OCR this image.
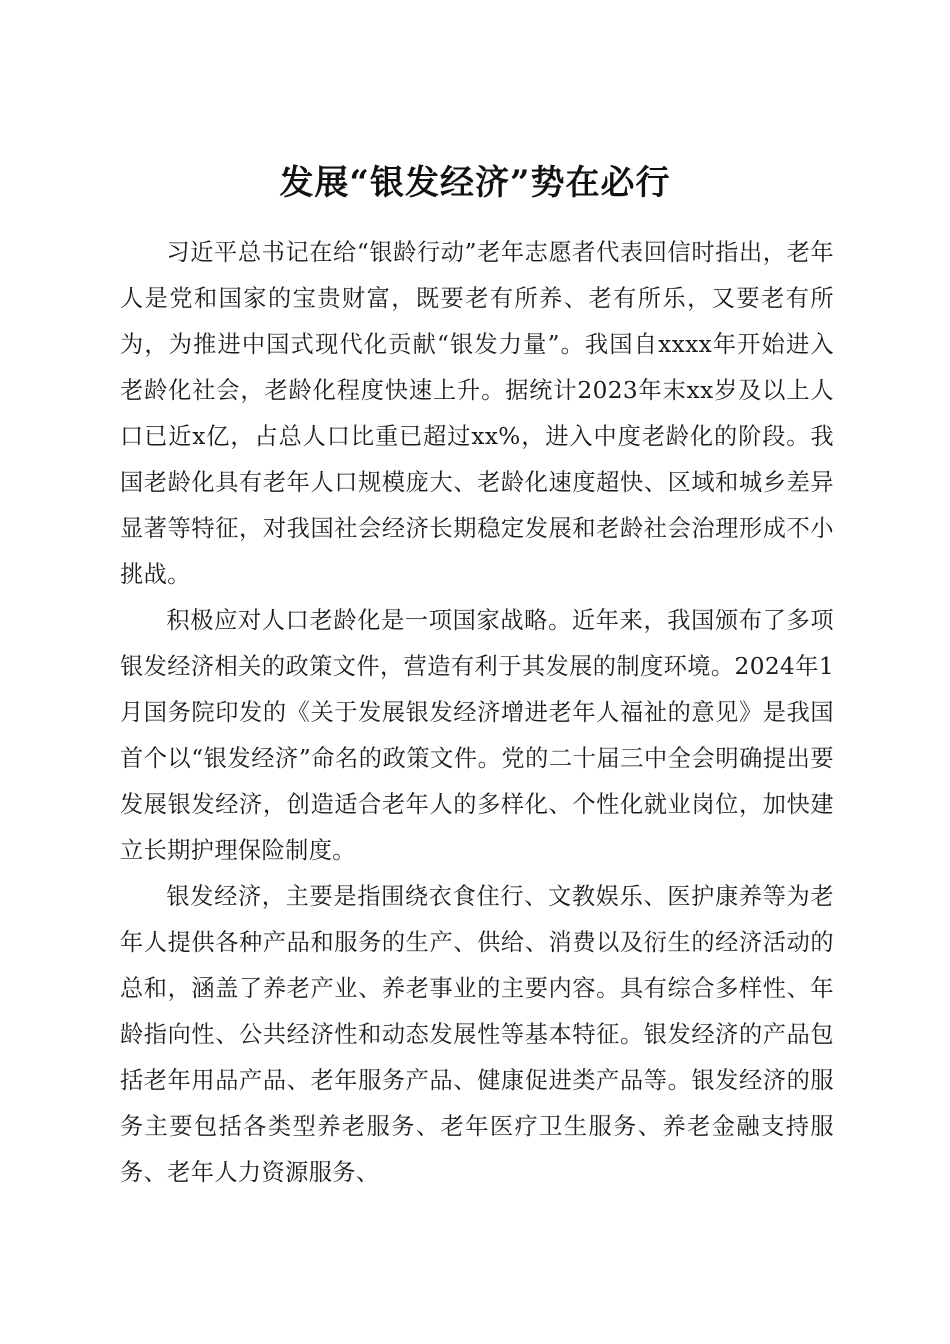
发展“银发经济”势在必行

习近平总书记在给“银龄行动”老年志愿者代表回信时指出，老年人是党和国家的宝贵财富，既要老有所养、老有所乐，又要老有所为，为推进中国式现代化贡献“银发力量”。我国自xxxx年开始进入老龄化社会，老龄化程度快速上升。据统计2023年末xx岁及以上人口已近x亿，占总人口比重已超过xx%，进入中度老龄化的阶段。我国老龄化具有老年人口规模庞大、老龄化速度超快、区域和城乡差异显著等特征，对我国社会经济长期稳定发展和老龄社会治理形成不小挑战。

积极应对人口老龄化是一项国家战略。近年来，我国颁布了多项银发经济相关的政策文件，营造有利于其发展的制度环境。2024年1月国务院印发的《关于发展银发经济增进老年人福祉的意见》是我国首个以“银发经济”命名的政策文件。党的二十届三中全会明确提出要发展银发经济，创造适合老年人的多样化、个性化就业岗位，加快建立长期护理保险制度。

银发经济，主要是指围绕衣食住行、文教娱乐、医护康养等为老年人提供各种产品和服务的生产、供给、消费以及衍生的经济活动的总和，涵盖了养老产业、养老事业的主要内容。具有综合多样性、年龄指向性、公共经济性和动态发展性等基本特征。银发经济的产品包括老年用品产品、老年服务产品、健康促进类产品等。银发经济的服务主要包括各类型养老服务、老年医疗卫生服务、养老金融支持服务、老年人力资源服务、
